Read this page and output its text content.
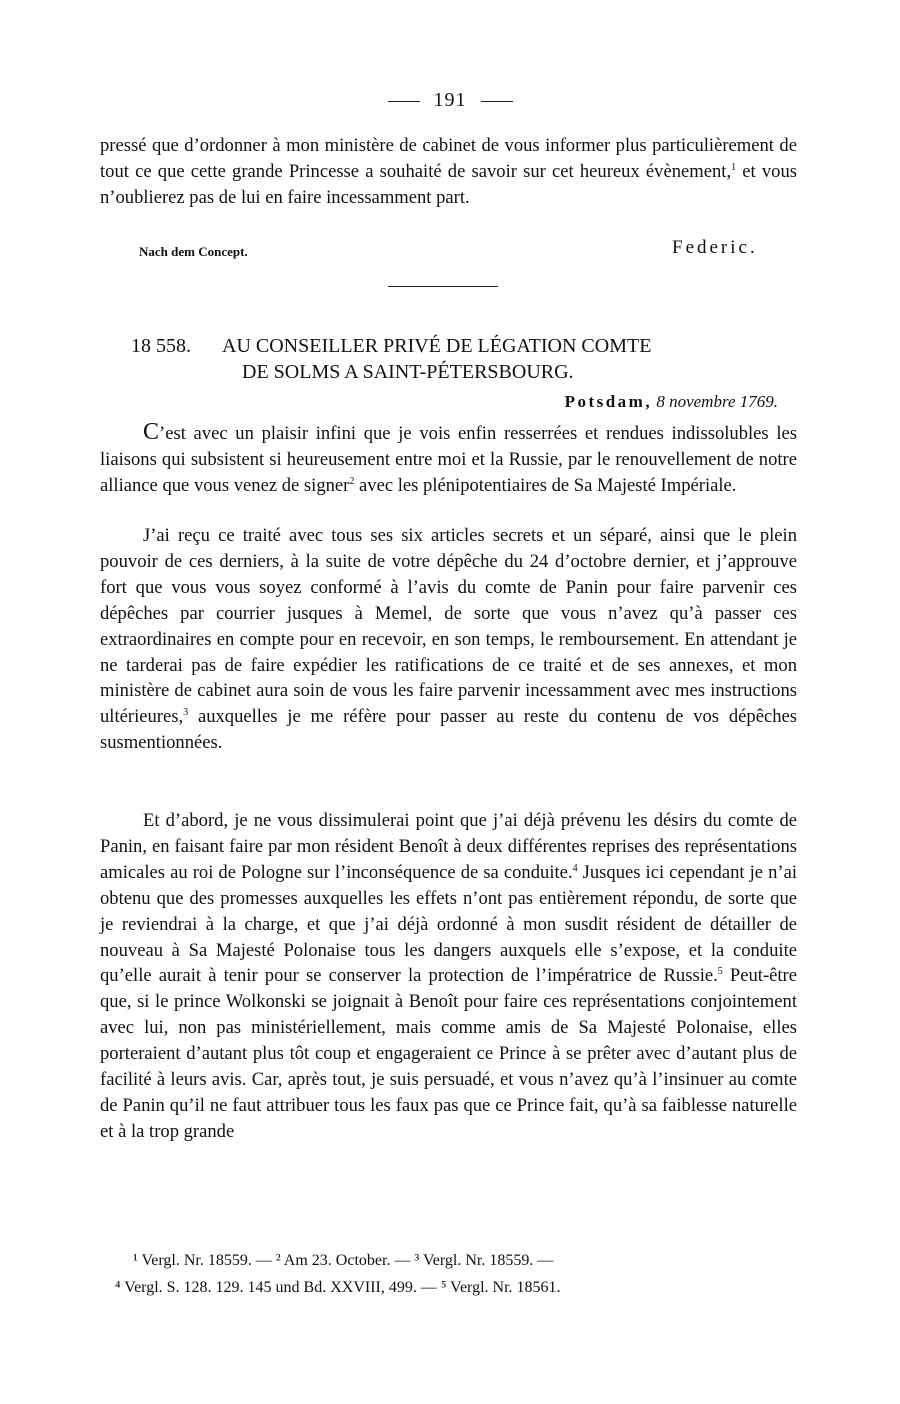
191
pressé que d’ordonner à mon ministère de cabinet de vous informer plus particulièrement de tout ce que cette grande Princesse a souhaité de savoir sur cet heureux évènement,$^1$ et vous n’oublierez pas de lui en faire incessamment part.
Nach dem Concept.	Federic.
18 558. AU CONSEILLER PRIVÉ DE LÉGATION COMTE
DE SOLMS A SAINT-PÉTERSBOURG.
Potsdam, 8 novembre 1769.
C’est avec un plaisir infini que je vois enfin resserrées et rendues indissolubles les liaisons qui subsistent si heureusement entre moi et la Russie, par le renouvellement de notre alliance que vous venez de signer$^2$ avec les plénipotentiaires de Sa Majesté Impériale.
J’ai reçu ce traité avec tous ses six articles secrets et un séparé, ainsi que le plein pouvoir de ces derniers, à la suite de votre dépêche du 24 d’octobre dernier, et j’approuve fort que vous vous soyez conformé à l’avis du comte de Panin pour faire parvenir ces dépêches par courrier jusques à Memel, de sorte que vous n’avez qu’à passer ces extraordinaires en compte pour en recevoir, en son temps, le remboursement. En attendant je ne tarderai pas de faire expédier les ratifications de ce traité et de ses annexes, et mon ministère de cabinet aura soin de vous les faire parvenir incessamment avec mes instructions ultérieures,$^3$ auxquelles je me réfère pour passer au reste du contenu de vos dépêches susmentionnées.
Et d’abord, je ne vous dissimulerai point que j’ai déjà prévenu les désirs du comte de Panin, en faisant faire par mon résident Benoît à deux différentes reprises des représentations amicales au roi de Pologne sur l’inconséquence de sa conduite.$^4$ Jusques ici cependant je n’ai obtenu que des promesses auxquelles les effets n’ont pas entièrement répondu, de sorte que je reviendrai à la charge, et que j’ai déjà ordonné à mon susdit résident de détailler de nouveau à Sa Majesté Polonaise tous les dangers auxquels elle s’expose, et la conduite qu’elle aurait à tenir pour se conserver la protection de l’impératrice de Russie.$^5$ Peut-être que, si le prince Wolkonski se joignait à Benoît pour faire ces représentations conjointement avec lui, non pas ministériellement, mais comme amis de Sa Majesté Polonaise, elles porteraient d’autant plus tôt coup et engageraient ce Prince à se prêter avec d’autant plus de facilité à leurs avis. Car, après tout, je suis persuadé, et vous n’avez qu’à l’insinuer au comte de Panin qu’il ne faut attribuer tous les faux pas que ce Prince fait, qu’à sa faiblesse naturelle et à la trop grande
¹ Vergl. Nr. 18559. — ² Am 23. October. — ³ Vergl. Nr. 18559. —
⁴ Vergl. S. 128. 129. 145 und Bd. XXVIII, 499. — ⁵ Vergl. Nr. 18561.
